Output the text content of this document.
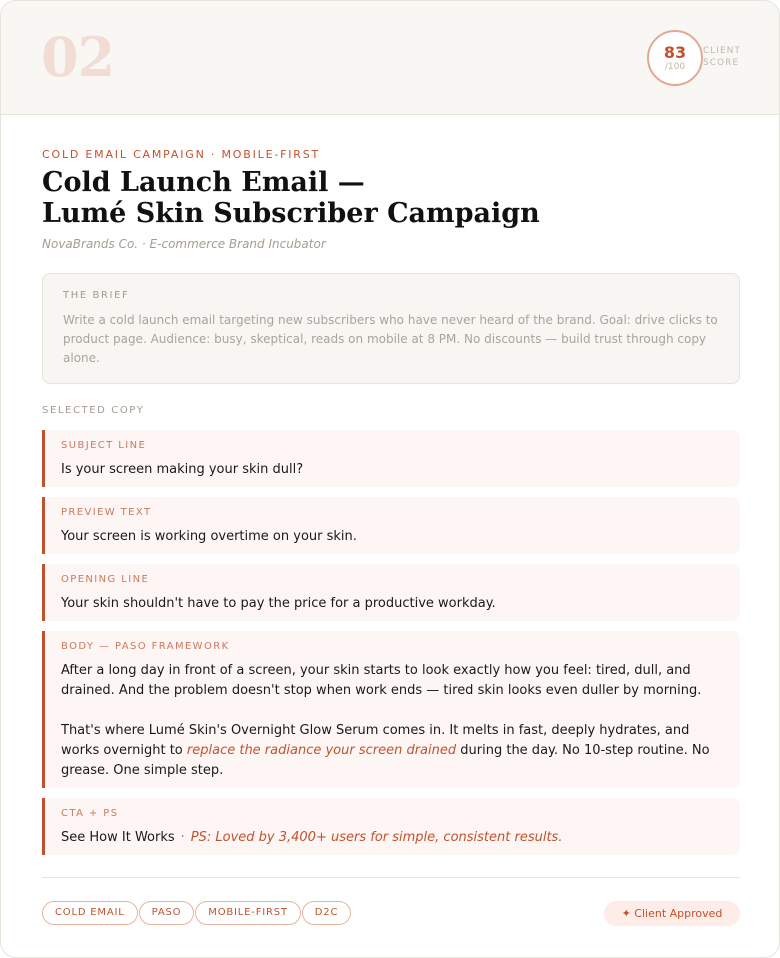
02	83
/100
CLIENT
SCORE
COLD EMAIL CAMPAIGN · MOBILE-FIRST
Cold Launch Email —
Lumé Skin Subscriber Campaign
NovaBrands Co. · E-commerce Brand Incubator
THE BRIEF
Write a cold launch email targeting new subscribers who have never heard of the brand. Goal: drive clicks to product page. Audience: busy, skeptical, reads on mobile at 8 PM. No discounts — build trust through copy alone.
SELECTED COPY
SUBJECT LINE
Is your screen making your skin dull?
PREVIEW TEXT
Your screen is working overtime on your skin.
OPENING LINE
Your skin shouldn't have to pay the price for a productive workday.
BODY — PASO FRAMEWORK

After a long day in front of a screen, your skin starts to look exactly how you feel: tired, dull, and drained. And the problem doesn't stop when work ends — tired skin looks even duller by morning.

That's where Lumé Skin's Overnight Glow Serum comes in. It melts in fast, deeply hydrates, and works overnight to replace the radiance your screen drained during the day. No 10-step routine. No grease. One simple step.

CTA + PS
See How It Works · PS: Loved by 3,400+ users for simple, consistent results.
COLD EMAIL	PASO	MOBILE-FIRST	D2C	✦ Client Approved
